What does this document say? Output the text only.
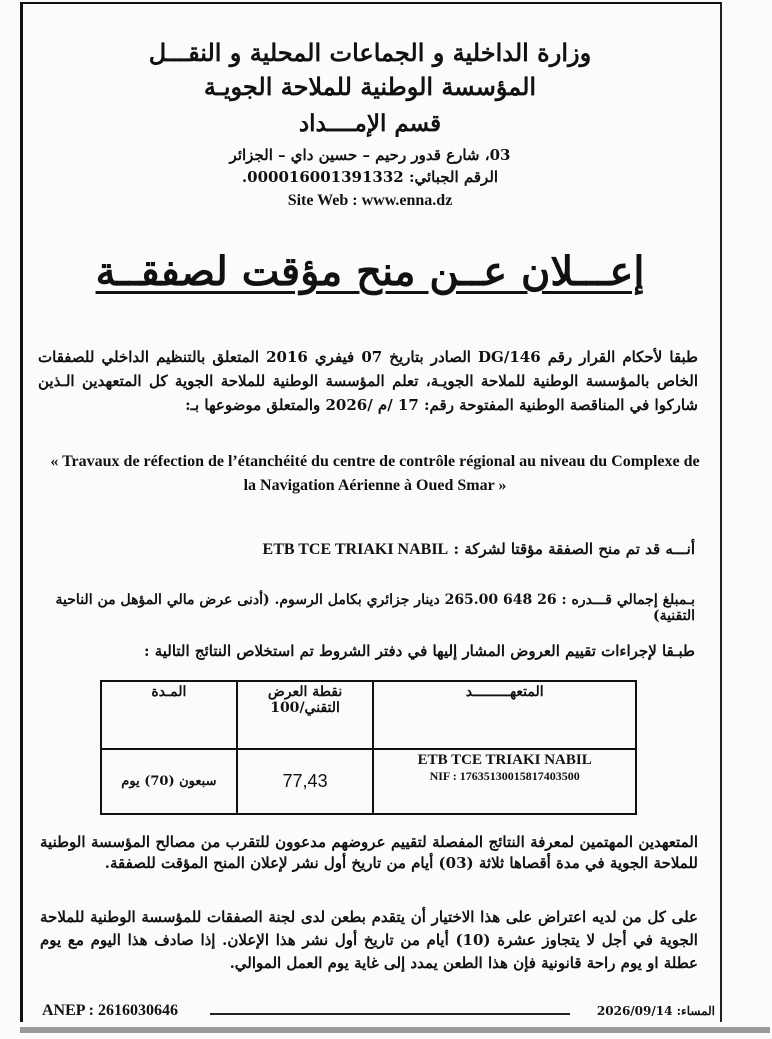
وزارة الداخلية و الجماعات المحلية و النقـــل
المؤسسة الوطنية للملاحة الجويـة
قسم الإمــــداد
03، شارع قدور رحيم – حسين داي – الجزائر
الرقم الجبائي: 000016001391332.
Site Web : www.enna.dz
إعـــلان عــن منح مؤقت لصفقــة
طبقا لأحكام القرار رقم 146/DG الصادر بتاريخ 07 فيفري 2016 المتعلق بالتنظيم الداخلي للصفقات الخاص بالمؤسسة الوطنية للملاحة الجويـة، تعلم المؤسسة الوطنية للملاحة الجوية كل المتعهدين الـذين شاركوا في المناقصة الوطنية المفتوحة رقم: 17 /م /2026 والمتعلق موضوعها بـ:
« Travaux de réfection de l’étanchéité du centre de contrôle régional au niveau du Complexe de la Navigation Aérienne à Oued Smar »
أنـــه قد تم منح الصفقة مؤقتا لشركة : ETB TCE TRIAKI NABIL
بـمبلغ إجمالي قـــدره : 26 648 265.00 دينار جزائري بكامل الرسوم. (أدنى عرض مالي المؤهل من الناحية التقنية)
طبـقا لإجراءات تقييم العروض المشار إليها في دفتر الشروط تم استخلاص النتائج التالية :
المتعهـــــــــد	نقطة العرض التقني/100	المـدة

ETB TCE TRIAKI NABIL
NIF : 17635130015817403500	77,43	سبعون (70) يوم
المتعهدين المهتمين لمعرفة النتائج المفصلة لتقييم عروضهم مدعوون للتقرب من مصالح المؤسسة الوطنية للملاحة الجوية في مدة أقصاها ثلاثة (03) أيام من تاريخ أول نشر لإعلان المنح المؤقت للصفقة.
على كل من لديه اعتراض على هذا الاختيار أن يتقدم بطعن لدى لجنة الصفقات للمؤسسة الوطنية للملاحة الجوية في أجل لا يتجاوز عشرة (10) أيام من تاريخ أول نشر هذا الإعلان. إذا صادف هذا اليوم مع يوم عطلة او يوم راحة قانونية فإن هذا الطعن يمدد إلى غاية يوم العمل الموالي.
ANEP : 2616030646	المساء: 2026/09/14
